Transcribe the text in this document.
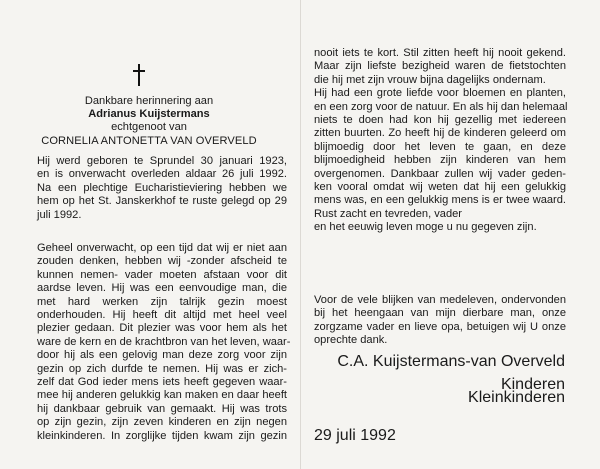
Dankbare herinnering aan
Adrianus Kuijstermans
echtgenoot van
CORNELIA ANTONETTA VAN OVERVELD
Hij werd geboren te Sprundel 30 januari 1923,
en is onverwacht overleden aldaar 26 juli 1992.
Na een plechtige Eucharistieviering hebben we
hem op het St. Janskerkhof te ruste gelegd op 29
juli 1992.
Geheel onverwacht, op een tijd dat wij er niet aan
zouden denken, hebben wij -zonder afscheid te
kunnen nemen- vader moeten afstaan voor dit
aardse leven. Hij was een eenvoudige man, die
met hard werken zijn talrijk gezin moest
onderhouden. Hij heeft dit altijd met heel veel
plezier gedaan. Dit plezier was voor hem als het
ware de kern en de krachtbron van het leven, waar-
door hij als een gelovig man deze zorg voor zijn
gezin op zich durfde te nemen. Hij was er zich-
zelf dat God ieder mens iets heeft gegeven waar-
mee hij anderen gelukkig kan maken en daar heeft
hij dankbaar gebruik van gemaakt. Hij was trots
op zijn gezin, zijn zeven kinderen en zijn negen
kleinkinderen. In zorglijke tijden kwam zijn gezin
nooit iets te kort. Stil zitten heeft hij nooit gekend.
Maar zijn liefste bezigheid waren de fietstochten
die hij met zijn vrouw bijna dagelijks ondernam.
Hij had een grote liefde voor bloemen en planten,
en een zorg voor de natuur. En als hij dan helemaal
niets te doen had kon hij gezellig met iedereen
zitten buurten. Zo heeft hij de kinderen geleerd om
blijmoedig door het leven te gaan, en deze
blijmoedigheid hebben zijn kinderen van hem
overgenomen. Dankbaar zullen wij vader geden-
ken vooral omdat wij weten dat hij een gelukkig
mens was, en een gelukkig mens is er twee waard.
Rust zacht en tevreden, vader
en het eeuwig leven moge u nu gegeven zijn.
Voor de vele blijken van medeleven, ondervonden
bij het heengaan van mijn dierbare man, onze
zorgzame vader en lieve opa, betuigen wij U onze
oprechte dank.
C.A. Kuijstermans-van Overveld
Kinderen
Kleinkinderen
29 juli 1992
